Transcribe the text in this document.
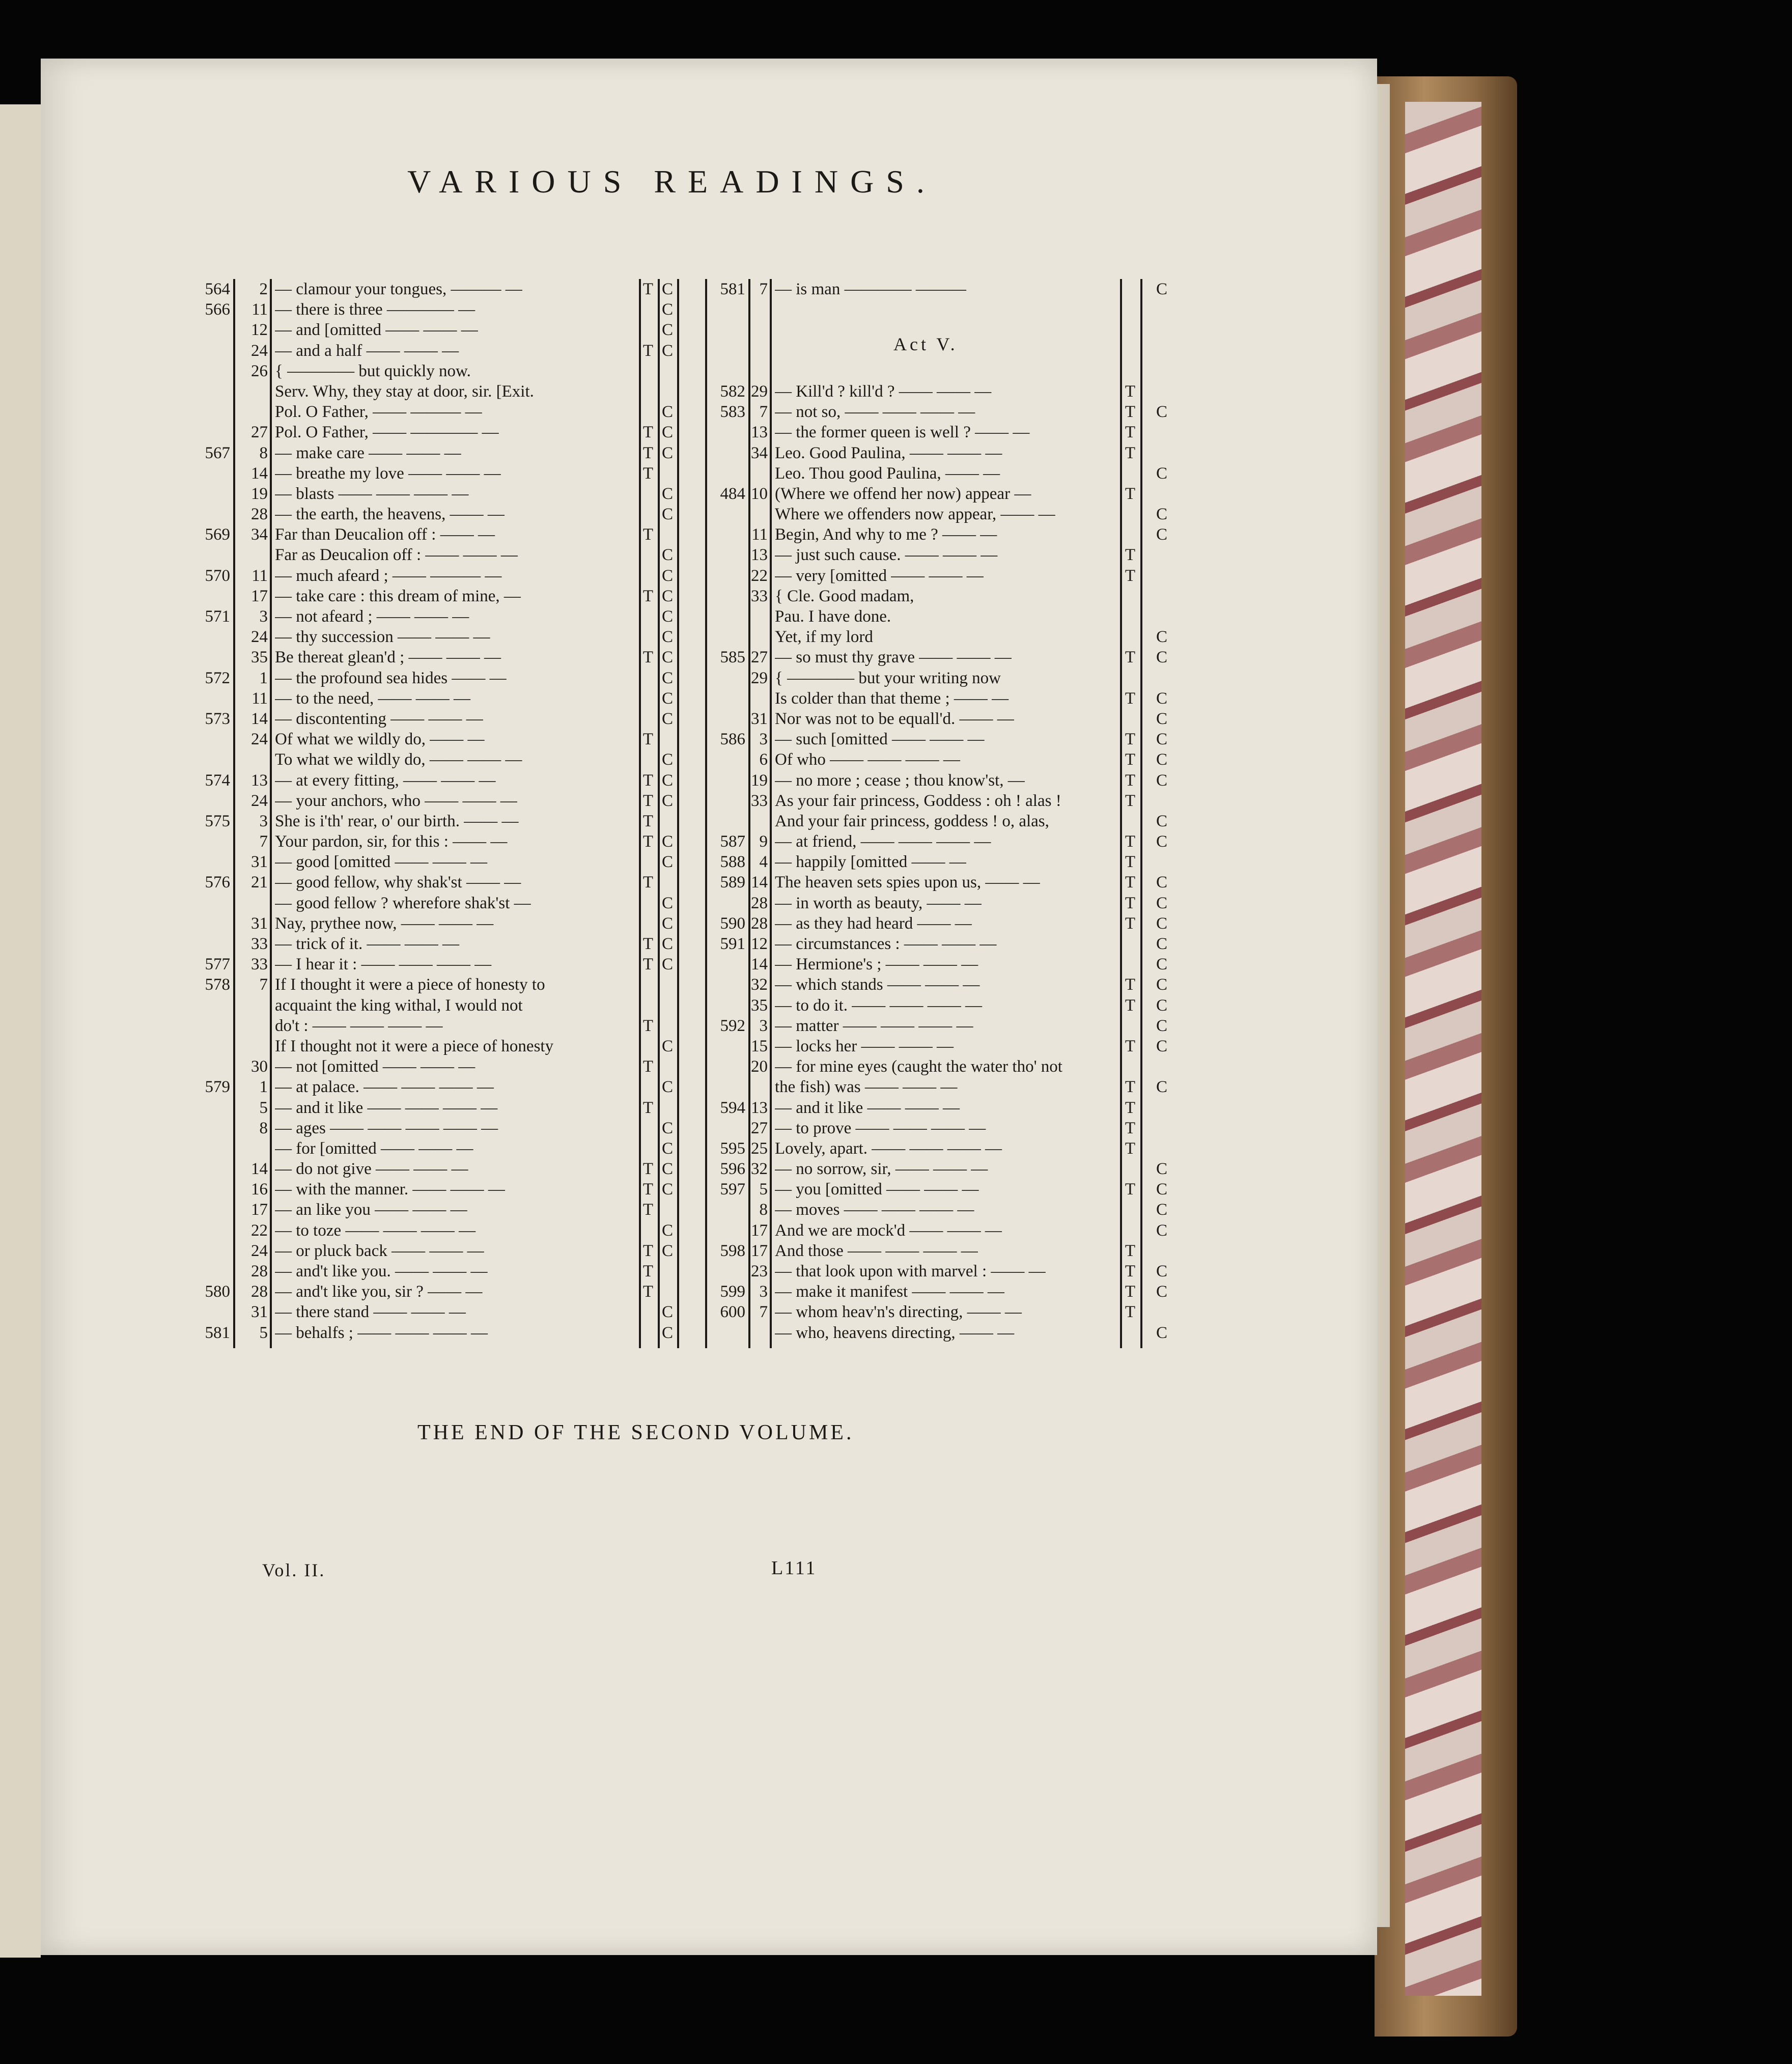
VARIOUS READINGS.
564	2 — clamour your tongues, ——— —	T C
566	11 — there is three ———— —	C
12 — and [omitted —— —— —	C
24 — and a half —— —— —	T C
26 { ———— but quickly now.
Serv. Why, they stay at door, sir. [Exit.
Pol. O Father, —— ——— —	C
27 Pol. O Father, —— ———— —	T C
567	8 — make care —— —— —	T C
14 — breathe my love —— —— —	T
19 — blasts —— —— —— —	C
28 — the earth, the heavens, —— —	C
569	34 Far than Deucalion off : —— —	T
Far as Deucalion off : —— —— —	C
570	11 — much afeard ; —— ——— —	C
17 — take care : this dream of mine, —	T C
571	3 — not afeard ; —— —— —	C
24 — thy succession —— —— —	C
35 Be thereat glean'd ; —— —— —	T C
572	1 — the profound sea hides —— —	C
11 — to the need, —— —— —	C
573	14 — discontenting —— —— —	C
24 Of what we wildly do, —— —	T
To what we wildly do, —— —— —	C
574	13 — at every fitting, —— —— —	T C
24 — your anchors, who —— —— —	T C
575	3 She is i'th' rear, o' our birth. —— —	T
7 Your pardon, sir, for this : —— —	T C
31 — good [omitted —— —— —	C
576	21 — good fellow, why shak'st —— —	T
— good fellow ? wherefore shak'st —	C
31 Nay, prythee now, —— —— —	C
33 — trick of it. —— —— —	T C
577	33 — I hear it : —— —— —— —	T C
578	7 If I thought it were a piece of honesty to
acquaint the king withal, I would not
do't : —— —— —— —	T
If I thought not it were a piece of honesty	C
30 — not [omitted —— —— —	T
579	1 — at palace. —— —— —— —	C
5 — and it like —— —— —— —	T
8 — ages —— —— —— —— —	C
— for [omitted —— —— —	C
14 — do not give —— —— —	T C
16 — with the manner. —— —— —	T C
17 — an like you —— —— —	T
22 — to toze —— —— —— —	C
24 — or pluck back —— —— —	T C
28 — and't like you. —— —— —	T
580	28 — and't like you, sir ? —— —	T
31 — there stand —— —— —	C
581	5 — behalfs ; —— —— —— —	C
581 7 — is man ———— ———	C
582 29 — Kill'd ? kill'd ? —— —— —	T
583 7 — not so, —— —— —— —	T	C
13 — the former queen is well ? —— —	T
34 Leo. Good Paulina, —— —— —	T
Leo. Thou good Paulina, —— —	C
484 10 (Where we offend her now) appear —	T
Where we offenders now appear, —— —	C
11 Begin, And why to me ? —— —	C
13 — just such cause. —— —— —	T
22 — very [omitted —— —— —	T
33 { Cle. Good madam,
Pau. I have done.
Yet, if my lord	C
585 27 — so must thy grave —— —— —	T	C
29 { ———— but your writing now
Is colder than that theme ; —— —	T	C
31 Nor was not to be equall'd. —— —	C
586 3 — such [omitted —— —— —	T	C
6 Of who —— —— —— —	T	C
19 — no more ; cease ; thou know'st, —	T	C
33 As your fair princess, Goddess : oh ! alas !	T
And your fair princess, goddess ! o, alas,	C
587 9 — at friend, —— —— —— —	T	C
588 4 — happily [omitted —— —	T
589 14 The heaven sets spies upon us, —— —	T	C
28 — in worth as beauty, —— —	T	C
590 28 — as they had heard —— —	T	C
591 12 — circumstances : —— —— —	C
14 — Hermione's ; —— —— —	C
32 — which stands —— —— —	T	C
35 — to do it. —— —— —— —	T	C
592 3 — matter —— —— —— —	C
15 — locks her —— —— —	T	C
20 — for mine eyes (caught the water tho' not
the fish) was —— —— —	T	C
594 13 — and it like —— —— —	T
27 — to prove —— —— —— —	T
595 25 Lovely, apart. —— —— —— —	T
596 32 — no sorrow, sir, —— —— —	C
597 5 — you [omitted —— —— —	T	C
8 — moves —— —— —— —	C
17 And we are mock'd —— —— —	C
598 17 And those —— —— —— —	T
23 — that look upon with marvel : —— —	T	C
599 3 — make it manifest —— —— —	T	C
600 7 — whom heav'n's directing, —— —	T
— who, heavens directing, —— —	C
Act V.
THE END OF THE SECOND VOLUME.
Vol. II.	L111
